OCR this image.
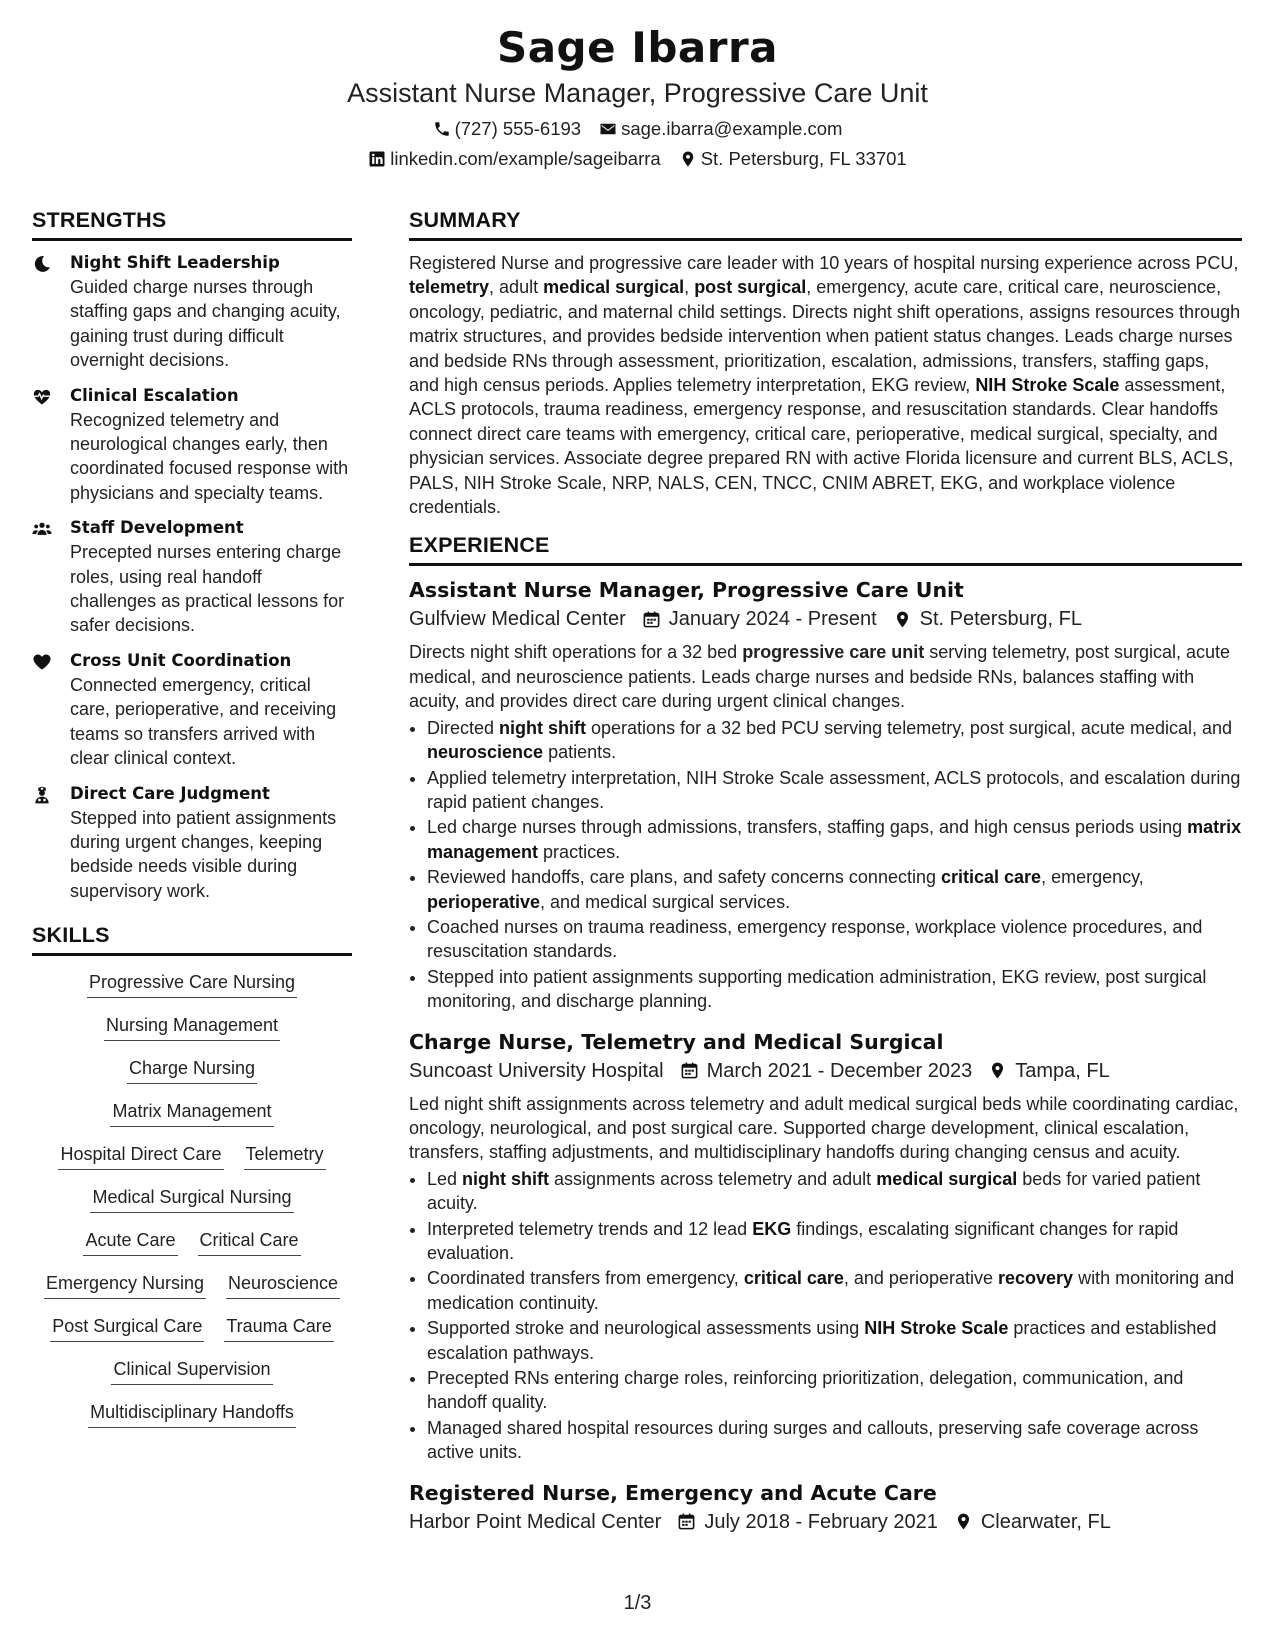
Sage Ibarra
Assistant Nurse Manager, Progressive Care Unit
(727) 555-6193 sage.ibarra@example.com
linkedin.com/example/sageibarra St. Petersburg, FL 33701
STRENGTHS
Night Shift Leadership
Guided charge nurses through staffing gaps and changing acuity, gaining trust during difficult overnight decisions.
Clinical Escalation
Recognized telemetry and neurological changes early, then coordinated focused response with physicians and specialty teams.
Staff Development
Precepted nurses entering charge roles, using real handoff challenges as practical lessons for safer decisions.
Cross Unit Coordination
Connected emergency, critical care, perioperative, and receiving teams so transfers arrived with clear clinical context.
Direct Care Judgment
Stepped into patient assignments during urgent changes, keeping bedside needs visible during supervisory work.
SKILLS
Progressive Care Nursing
Nursing Management
Charge Nursing
Matrix Management
Hospital Direct Care Telemetry
Medical Surgical Nursing
Acute Care Critical Care
Emergency Nursing Neuroscience
Post Surgical Care Trauma Care
Clinical Supervision
Multidisciplinary Handoffs
SUMMARY
Registered Nurse and progressive care leader with 10 years of hospital nursing experience across PCU, telemetry, adult medical surgical, post surgical, emergency, acute care, critical care, neuroscience, oncology, pediatric, and maternal child settings. Directs night shift operations, assigns resources through matrix structures, and provides bedside intervention when patient status changes. Leads charge nurses and bedside RNs through assessment, prioritization, escalation, admissions, transfers, staffing gaps, and high census periods. Applies telemetry interpretation, EKG review, NIH Stroke Scale assessment, ACLS protocols, trauma readiness, emergency response, and resuscitation standards. Clear handoffs connect direct care teams with emergency, critical care, perioperative, medical surgical, specialty, and physician services. Associate degree prepared RN with active Florida licensure and current BLS, ACLS, PALS, NIH Stroke Scale, NRP, NALS, CEN, TNCC, CNIM ABRET, EKG, and workplace violence credentials.
EXPERIENCE
Assistant Nurse Manager, Progressive Care Unit
Gulfview Medical Center January 2024 - Present St. Petersburg, FL
Directs night shift operations for a 32 bed progressive care unit serving telemetry, post surgical, acute medical, and neuroscience patients. Leads charge nurses and bedside RNs, balances staffing with acuity, and provides direct care during urgent clinical changes.
• Directed night shift operations for a 32 bed PCU serving telemetry, post surgical, acute medical, and neuroscience patients.
• Applied telemetry interpretation, NIH Stroke Scale assessment, ACLS protocols, and escalation during rapid patient changes.
• Led charge nurses through admissions, transfers, staffing gaps, and high census periods using matrix management practices.
• Reviewed handoffs, care plans, and safety concerns connecting critical care, emergency, perioperative, and medical surgical services.
• Coached nurses on trauma readiness, emergency response, workplace violence procedures, and resuscitation standards.
• Stepped into patient assignments supporting medication administration, EKG review, post surgical monitoring, and discharge planning.
Charge Nurse, Telemetry and Medical Surgical
Suncoast University Hospital March 2021 - December 2023 Tampa, FL
Led night shift assignments across telemetry and adult medical surgical beds while coordinating cardiac, oncology, neurological, and post surgical care. Supported charge development, clinical escalation, transfers, staffing adjustments, and multidisciplinary handoffs during changing census and acuity.
• Led night shift assignments across telemetry and adult medical surgical beds for varied patient acuity.
• Interpreted telemetry trends and 12 lead EKG findings, escalating significant changes for rapid evaluation.
• Coordinated transfers from emergency, critical care, and perioperative recovery with monitoring and medication continuity.
• Supported stroke and neurological assessments using NIH Stroke Scale practices and established escalation pathways.
• Precepted RNs entering charge roles, reinforcing prioritization, delegation, communication, and handoff quality.
• Managed shared hospital resources during surges and callouts, preserving safe coverage across active units.
Registered Nurse, Emergency and Acute Care
Harbor Point Medical Center July 2018 - February 2021 Clearwater, FL
1/3
